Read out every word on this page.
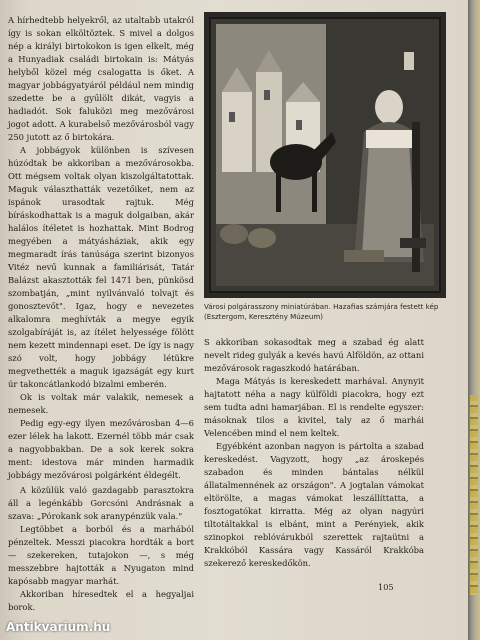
A hírhedtebb helyekről, az utaltabb utakról így is sokan elköltöztek. S mivel a dolgos nép a királyi birtokokon is igen elkelt, még a Hunyadiak családi birtokain is: Mátyás helyből közel még csalogatta is őket. A magyar jobbágyatyáról például nem mindig szedette be a gyűlölt dikát, vagyis a hadiadót. Sok faluközi meg mezővárosi jogot adott. A kurabelső mezővárosból vagy 250 jutott az ő birtokára.

A jobbágyok különben is szívesen húzódtak be akkoriban a mezővárosokba. Ott mégsem voltak olyan kiszolgáltatottak. Maguk választhatták vezetőiket, nem az ispánok urasodtak rajtuk. Még bíráskodhattak is a maguk dolgaiban, akár halálos ítéletet is hozhattak. Mint Bodrog megyében a mátyásháziak, akik egy megmaradt írás tanúsága szerint bizonyos Vitéz nevű kunnak a familiárisát, Tatár Balázst akasztották fel 1471 ben, pünkösd szombatján, „mint nyilvánvaló tolvajt és gonosztevőt". Igaz, hogy e nevezetes alkalomra meghívták a megye egyik szolgabíráját is, az ítélet helyessége fölött nem kezett mindennapi eset. De így is nagy szó volt, hogy jobbágy létükre megvethették a maguk igazságát egy kurt úr takoncátlankodó bizalmi emberén.

Ok is voltak már valakik, nemesek a nemesek.

Pedig egy-egy ilyen mezővárosban 4—6 ezer lélek ha lakott. Ezernél több már csak a nagyobbakban. De a sok kerek sokra ment: idestova már minden harmadik jobbágy mezővárosi polgárként éldegélt.

A közülük való gazdagabb parasztokra áll a legénkább Gorcsóni Andrásnak a szava: „Pórokank sok aranypénzük vala."

Legtöbbet a borból és a marhából pénzeltek. Messzi piacokra hordták a bort — szekereken, tutajokon —, s még messzebbre hajtották a Nyugaton mind kapósabb magyar marhát.

Akkoriban híresedtek el a hegyaljai borok.

Városi polgárasszony miniatúrában. Hazafias számjára festett kép (Esztergom, Keresztény Múzeum)

S akkoriban sokasodtak meg a szabad ég alatt nevelt rideg gulyák a kevés havú Alföldön, az ottani mezővárosok ragaszkodó határában.

Maga Mátyás is kereskedett marhával. Anynyit hajtatott néha a nagy külföldi piacokra, hogy ezt sem tudta adni hamarjában. El is rendelte egyszer: másoknak tilos a kivitel, taly az ő marhái Velencében mind el nem keltek.

Egyébként azonban nagyon is pártolta a szabad kereskedést. Vagyzott, hogy „az ároskepés szabadon és minden bántalas nélkül állatalmennének az országon". A jogtalan vámokat eltörölte, a magas vámokat leszállíttatta, a fosztogatókat kirratta. Még az olyan nagyúri tiltotáltakkal is elbánt, mint a Perényiek, akik szinopkoi reblóvárukból szerettek rajtaütni a Krakkóból Kassára vagy Kassáról Krakkóba szekerező kereskedőkön.

105
Antikvarium.hu
